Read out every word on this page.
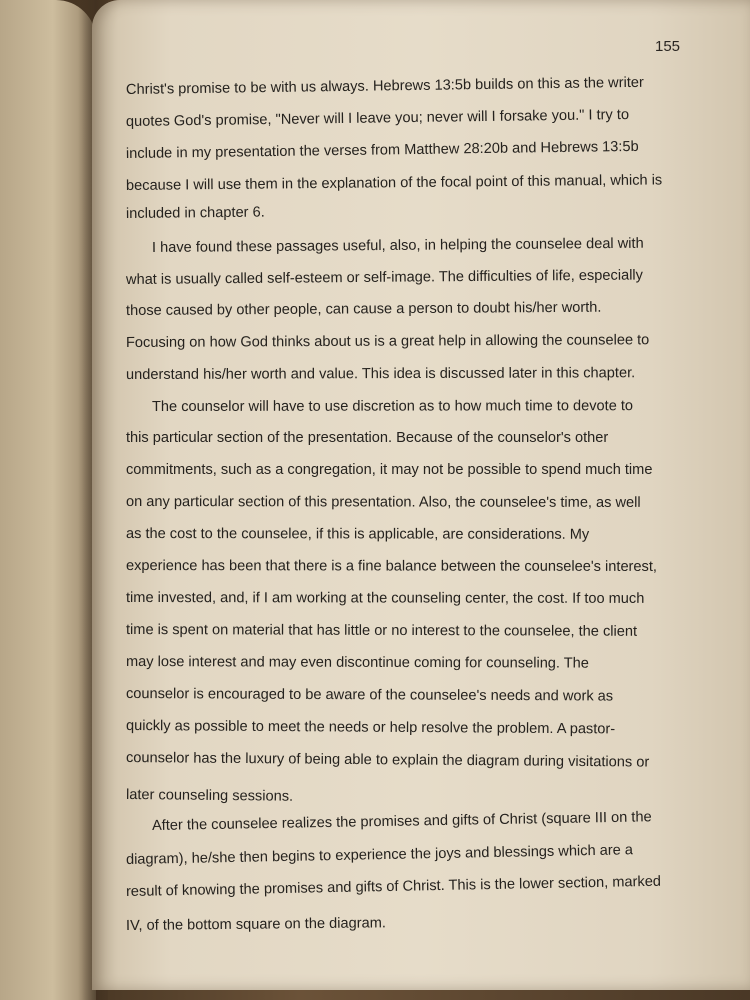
155
Christ's promise to be with us always. Hebrews 13:5b builds on this as the writer
quotes God's promise, "Never will I leave you; never will I forsake you." I try to
include in my presentation the verses from Matthew 28:20b and Hebrews 13:5b
because I will use them in the explanation of the focal point of this manual, which is
included in chapter 6.
I have found these passages useful, also, in helping the counselee deal with
what is usually called self-esteem or self-image. The difficulties of life, especially
those caused by other people, can cause a person to doubt his/her worth.
Focusing on how God thinks about us is a great help in allowing the counselee to
understand his/her worth and value. This idea is discussed later in this chapter.
The counselor will have to use discretion as to how much time to devote to
this particular section of the presentation. Because of the counselor's other
commitments, such as a congregation, it may not be possible to spend much time
on any particular section of this presentation. Also, the counselee's time, as well
as the cost to the counselee, if this is applicable, are considerations. My
experience has been that there is a fine balance between the counselee's interest,
time invested, and, if I am working at the counseling center, the cost. If too much
time is spent on material that has little or no interest to the counselee, the client
may lose interest and may even discontinue coming for counseling. The
counselor is encouraged to be aware of the counselee's needs and work as
quickly as possible to meet the needs or help resolve the problem. A pastor-
counselor has the luxury of being able to explain the diagram during visitations or
later counseling sessions.
After the counselee realizes the promises and gifts of Christ (square III on the
diagram), he/she then begins to experience the joys and blessings which are a
result of knowing the promises and gifts of Christ. This is the lower section, marked
IV, of the bottom square on the diagram.
